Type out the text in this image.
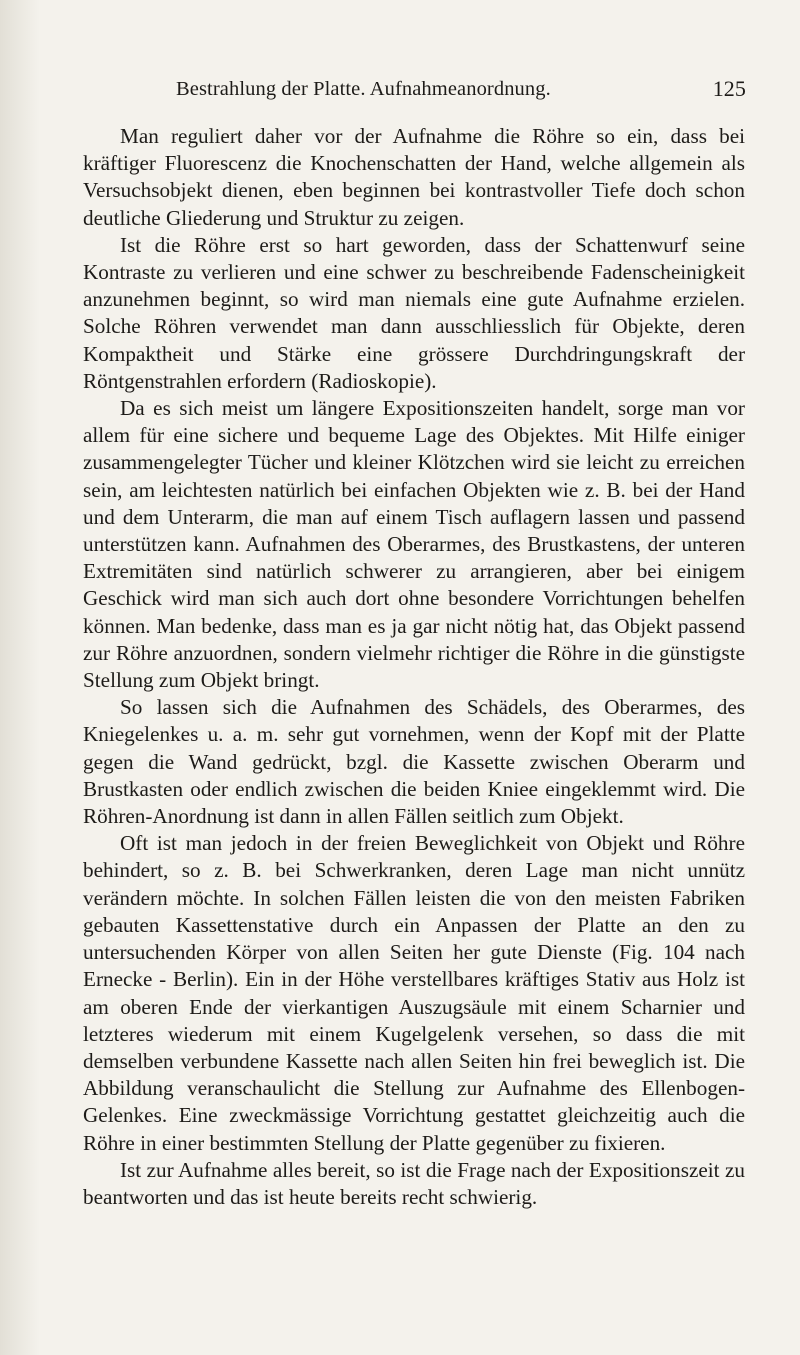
Bestrahlung der Platte. Aufnahmeanordnung.	125

Man reguliert daher vor der Aufnahme die Röhre so ein, dass bei kräftiger Fluorescenz die Knochenschatten der Hand, welche allgemein als Versuchsobjekt dienen, eben beginnen bei kontrastvoller Tiefe doch schon deutliche Gliederung und Struktur zu zeigen.

Ist die Röhre erst so hart geworden, dass der Schattenwurf seine Kontraste zu verlieren und eine schwer zu beschreibende Fadenscheinigkeit anzunehmen beginnt, so wird man niemals eine gute Aufnahme erzielen. Solche Röhren verwendet man dann ausschliesslich für Objekte, deren Kompaktheit und Stärke eine grössere Durchdringungskraft der Röntgenstrahlen erfordern (Radioskopie).

Da es sich meist um längere Expositionszeiten handelt, sorge man vor allem für eine sichere und bequeme Lage des Objektes. Mit Hilfe einiger zusammengelegter Tücher und kleiner Klötzchen wird sie leicht zu erreichen sein, am leichtesten natürlich bei einfachen Objekten wie z. B. bei der Hand und dem Unterarm, die man auf einem Tisch auflagern lassen und passend unterstützen kann. Aufnahmen des Oberarmes, des Brustkastens, der unteren Extremitäten sind natürlich schwerer zu arrangieren, aber bei einigem Geschick wird man sich auch dort ohne besondere Vorrichtungen behelfen können. Man bedenke, dass man es ja gar nicht nötig hat, das Objekt passend zur Röhre anzuordnen, sondern vielmehr richtiger die Röhre in die günstigste Stellung zum Objekt bringt.

So lassen sich die Aufnahmen des Schädels, des Oberarmes, des Kniegelenkes u. a. m. sehr gut vornehmen, wenn der Kopf mit der Platte gegen die Wand gedrückt, bzgl. die Kassette zwischen Oberarm und Brustkasten oder endlich zwischen die beiden Kniee eingeklemmt wird. Die Röhren-Anordnung ist dann in allen Fällen seitlich zum Objekt.

Oft ist man jedoch in der freien Beweglichkeit von Objekt und Röhre behindert, so z. B. bei Schwerkranken, deren Lage man nicht unnütz verändern möchte. In solchen Fällen leisten die von den meisten Fabriken gebauten Kassettenstative durch ein Anpassen der Platte an den zu untersuchenden Körper von allen Seiten her gute Dienste (Fig. 104 nach Ernecke - Berlin). Ein in der Höhe verstellbares kräftiges Stativ aus Holz ist am oberen Ende der vierkantigen Auszugsäule mit einem Scharnier und letzteres wiederum mit einem Kugelgelenk versehen, so dass die mit demselben verbundene Kassette nach allen Seiten hin frei beweglich ist. Die Abbildung veranschaulicht die Stellung zur Aufnahme des Ellenbogen-Gelenkes. Eine zweckmässige Vorrichtung gestattet gleichzeitig auch die Röhre in einer bestimmten Stellung der Platte gegenüber zu fixieren.

Ist zur Aufnahme alles bereit, so ist die Frage nach der Expositionszeit zu beantworten und das ist heute bereits recht schwierig.
